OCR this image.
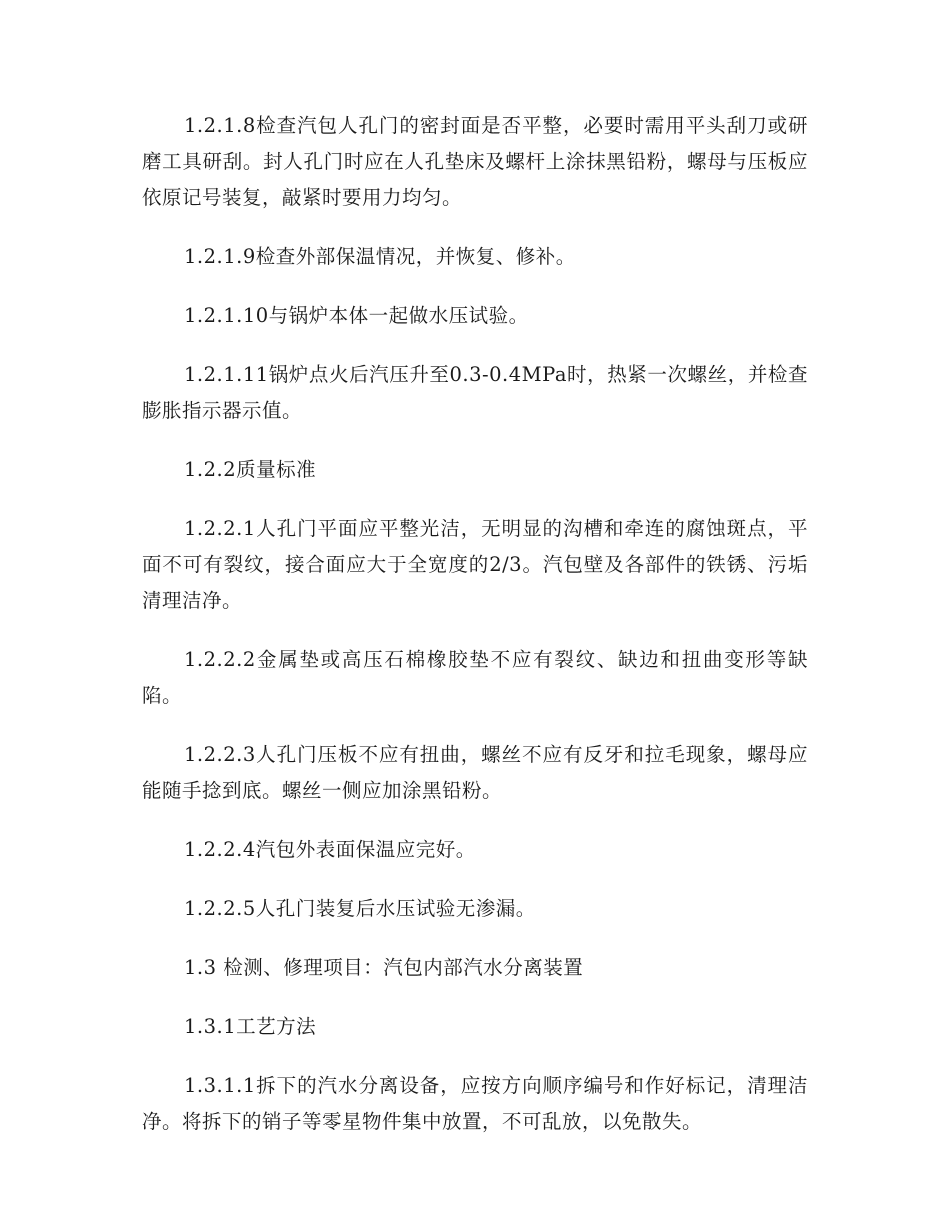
1.2.1.8检查汽包人孔门的密封面是否平整，必要时需用平头刮刀或研磨工具研刮。封人孔门时应在人孔垫床及螺杆上涂抹黑铅粉，螺母与压板应依原记号装复，敲紧时要用力均匀。

1.2.1.9检查外部保温情况，并恢复、修补。

1.2.1.10与锅炉本体一起做水压试验。

1.2.1.11锅炉点火后汽压升至0.3-0.4MPa时，热紧一次螺丝，并检查膨胀指示器示值。

1.2.2质量标准

1.2.2.1人孔门平面应平整光洁，无明显的沟槽和牵连的腐蚀斑点，平面不可有裂纹，接合面应大于全宽度的2/3。汽包壁及各部件的铁锈、污垢清理洁净。

1.2.2.2金属垫或高压石棉橡胶垫不应有裂纹、缺边和扭曲变形等缺陷。

1.2.2.3人孔门压板不应有扭曲，螺丝不应有反牙和拉毛现象，螺母应能随手捻到底。螺丝一侧应加涂黑铅粉。

1.2.2.4汽包外表面保温应完好。

1.2.2.5人孔门装复后水压试验无渗漏。

1.3 检测、修理项目：汽包内部汽水分离装置

1.3.1工艺方法

1.3.1.1拆下的汽水分离设备，应按方向顺序编号和作好标记，清理洁净。将拆下的销子等零星物件集中放置，不可乱放，以免散失。
